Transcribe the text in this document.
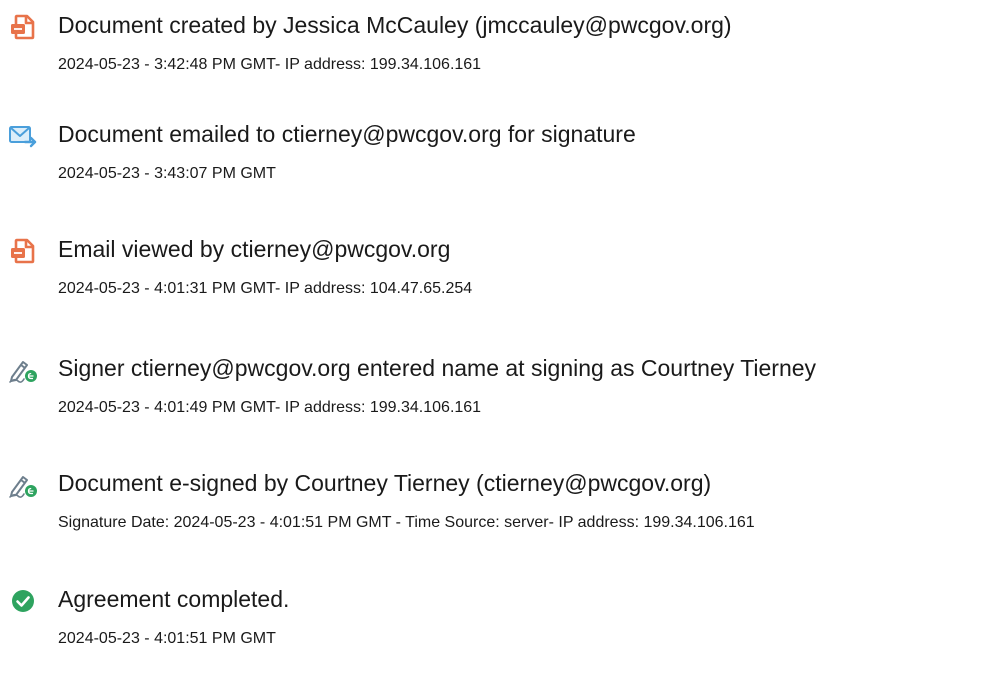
Document created by Jessica McCauley (jmccauley@pwcgov.org)
2024-05-23 - 3:42:48 PM GMT- IP address: 199.34.106.161
Document emailed to ctierney@pwcgov.org for signature
2024-05-23 - 3:43:07 PM GMT
Email viewed by ctierney@pwcgov.org
2024-05-23 - 4:01:31 PM GMT- IP address: 104.47.65.254
Signer ctierney@pwcgov.org entered name at signing as Courtney Tierney
2024-05-23 - 4:01:49 PM GMT- IP address: 199.34.106.161
Document e-signed by Courtney Tierney (ctierney@pwcgov.org)
Signature Date: 2024-05-23 - 4:01:51 PM GMT - Time Source: server- IP address: 199.34.106.161
Agreement completed.
2024-05-23 - 4:01:51 PM GMT
